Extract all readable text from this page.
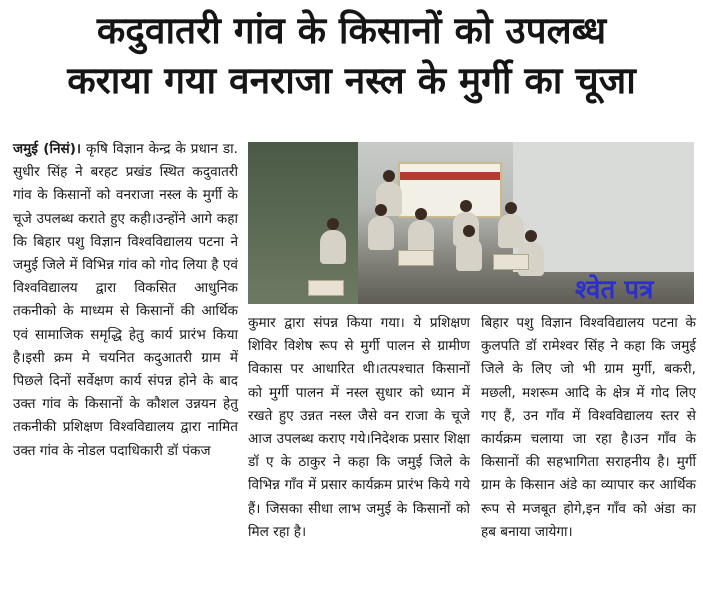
कदुवातरी गांव के किसानों को उपलब्ध
कराया गया वनराजा नस्ल के मुर्गी का चूजा

जमुई (निसं)। कृषि विज्ञान केन्द्र के प्रधान डा. सुधीर सिंह ने बरहट प्रखंड स्थित कदुवातरी गांव के किसानों को वनराजा नस्ल के मुर्गी के चूजे उपलब्ध कराते हुए कही।उन्होंने आगे कहा कि बिहार पशु विज्ञान विश्वविद्यालय पटना ने जमुई जिले में विभिन्न गांव को गोद लिया है एवं विश्वविद्यालय द्वारा विकसित आधुनिक तकनीको के माध्यम से किसानों की आर्थिक एवं सामाजिक समृद्धि हेतु कार्य प्रारंभ किया है।इसी क्रम मे चयनित कदुआतरी ग्राम में पिछले दिनों सर्वेक्षण कार्य संपन्न होने के बाद उक्त गांव के किसानों के कौशल उन्नयन हेतु तकनीकी प्रशिक्षण विश्वविद्यालय द्वारा नामित उक्त गांव के नोडल पदाधिकारी डॉ पंकज

श्वेत पत्र

कुमार द्वारा संपन्न किया गया। ये प्रशिक्षण शिविर विशेष रूप से मुर्गी पालन से ग्रामीण विकास पर आधारित थी।तत्पश्चात किसानों को मुर्गी पालन में नस्ल सुधार को ध्यान में रखते हुए उन्नत नस्ल जैसे वन राजा के चूजे आज उपलब्ध कराए गये।निदेशक प्रसार शिक्षा डॉ ए के ठाकुर ने कहा कि जमुई जिले के विभिन्न गाँव में प्रसार कार्यक्रम प्रारंभ किये गये हैं। जिसका सीधा लाभ जमुई के किसानों को मिल रहा है।

बिहार पशु विज्ञान विश्वविद्यालय पटना के कुलपति डॉ रामेश्वर सिंह ने कहा कि जमुई जिले के लिए जो भी ग्राम मुर्गी, बकरी, मछली, मशरूम आदि के क्षेत्र में गोद लिए गए हैं, उन गाँव में विश्वविद्यालय स्तर से कार्यक्रम चलाया जा रहा है।उन गाँव के किसानों की सहभागिता सराहनीय है। मुर्गी ग्राम के किसान अंडे का व्यापार कर आर्थिक रूप से मजबूत होगे,इन गाँव को अंडा का हब बनाया जायेगा।
